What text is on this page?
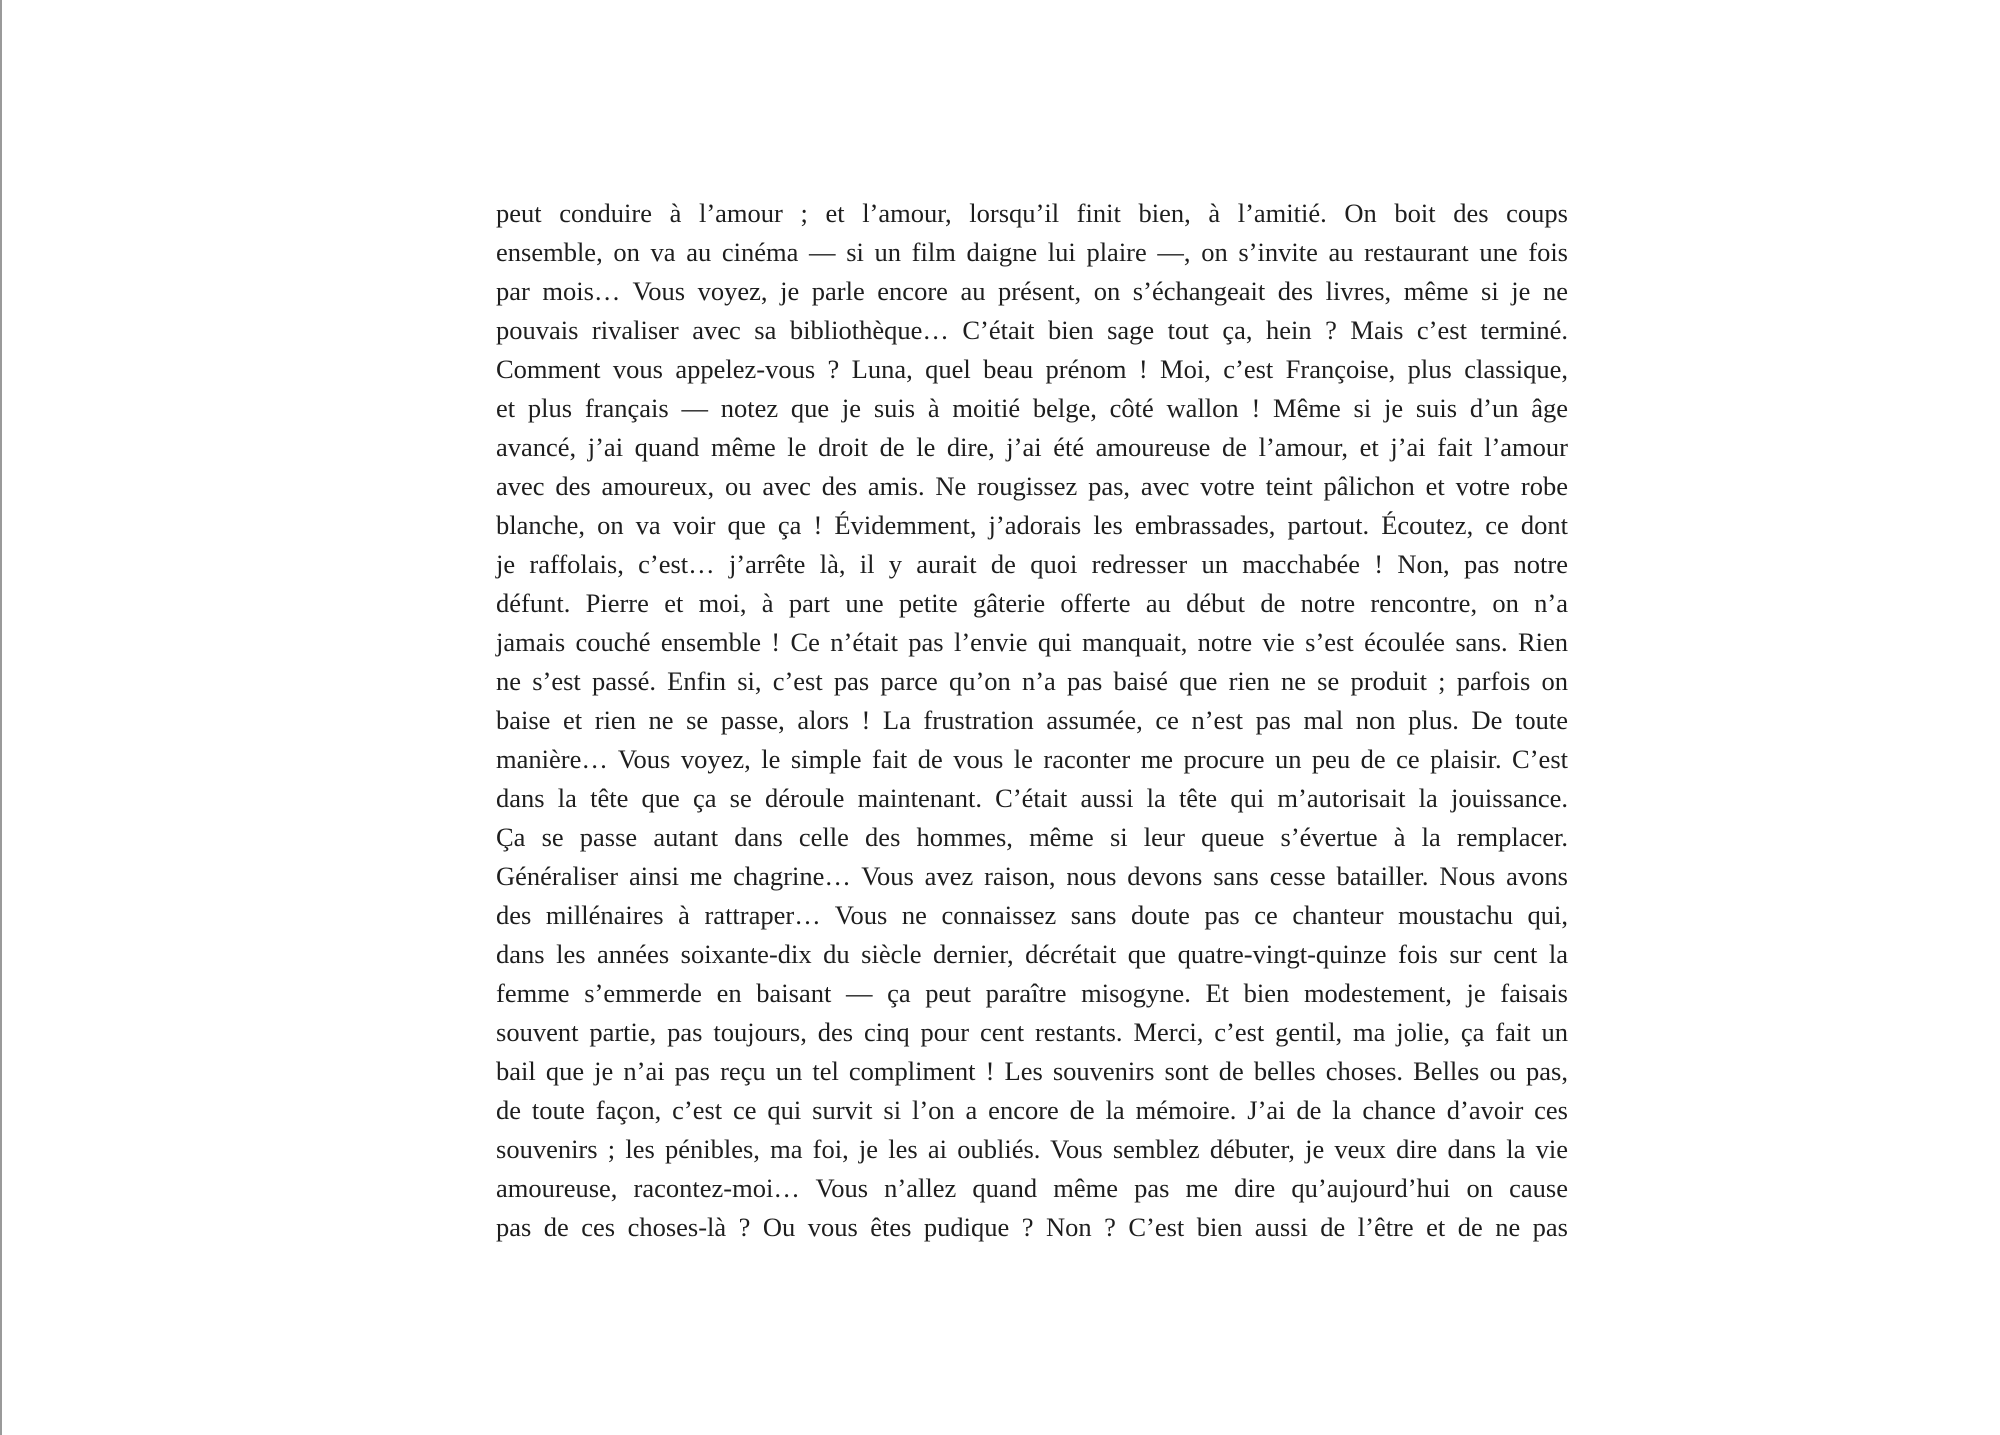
peut conduire à l’amour ; et l’amour, lorsqu’il finit bien, à l’amitié. On boit des coups
ensemble, on va au cinéma — si un film daigne lui plaire —, on s’invite au restaurant une fois
par mois… Vous voyez, je parle encore au présent, on s’échangeait des livres, même si je ne
pouvais rivaliser avec sa bibliothèque… C’était bien sage tout ça, hein ? Mais c’est terminé.
Comment vous appelez-vous ? Luna, quel beau prénom ! Moi, c’est Françoise, plus classique,
et plus français — notez que je suis à moitié belge, côté wallon ! Même si je suis d’un âge
avancé, j’ai quand même le droit de le dire, j’ai été amoureuse de l’amour, et j’ai fait l’amour
avec des amoureux, ou avec des amis. Ne rougissez pas, avec votre teint pâlichon et votre robe
blanche, on va voir que ça ! Évidemment, j’adorais les embrassades, partout. Écoutez, ce dont
je raffolais, c’est… j’arrête là, il y aurait de quoi redresser un macchabée ! Non, pas notre
défunt. Pierre et moi, à part une petite gâterie offerte au début de notre rencontre, on n’a
jamais couché ensemble ! Ce n’était pas l’envie qui manquait, notre vie s’est écoulée sans. Rien
ne s’est passé. Enfin si, c’est pas parce qu’on n’a pas baisé que rien ne se produit ; parfois on
baise et rien ne se passe, alors ! La frustration assumée, ce n’est pas mal non plus. De toute
manière… Vous voyez, le simple fait de vous le raconter me procure un peu de ce plaisir. C’est
dans la tête que ça se déroule maintenant. C’était aussi la tête qui m’autorisait la jouissance.
Ça se passe autant dans celle des hommes, même si leur queue s’évertue à la remplacer.
Généraliser ainsi me chagrine… Vous avez raison, nous devons sans cesse batailler. Nous avons
des millénaires à rattraper… Vous ne connaissez sans doute pas ce chanteur moustachu qui,
dans les années soixante-dix du siècle dernier, décrétait que quatre-vingt-quinze fois sur cent la
femme s’emmerde en baisant — ça peut paraître misogyne. Et bien modestement, je faisais
souvent partie, pas toujours, des cinq pour cent restants. Merci, c’est gentil, ma jolie, ça fait un
bail que je n’ai pas reçu un tel compliment ! Les souvenirs sont de belles choses. Belles ou pas,
de toute façon, c’est ce qui survit si l’on a encore de la mémoire. J’ai de la chance d’avoir ces
souvenirs ; les pénibles, ma foi, je les ai oubliés. Vous semblez débuter, je veux dire dans la vie
amoureuse, racontez-moi… Vous n’allez quand même pas me dire qu’aujourd’hui on cause
pas de ces choses-là ? Ou vous êtes pudique ? Non ? C’est bien aussi de l’être et de ne pas
